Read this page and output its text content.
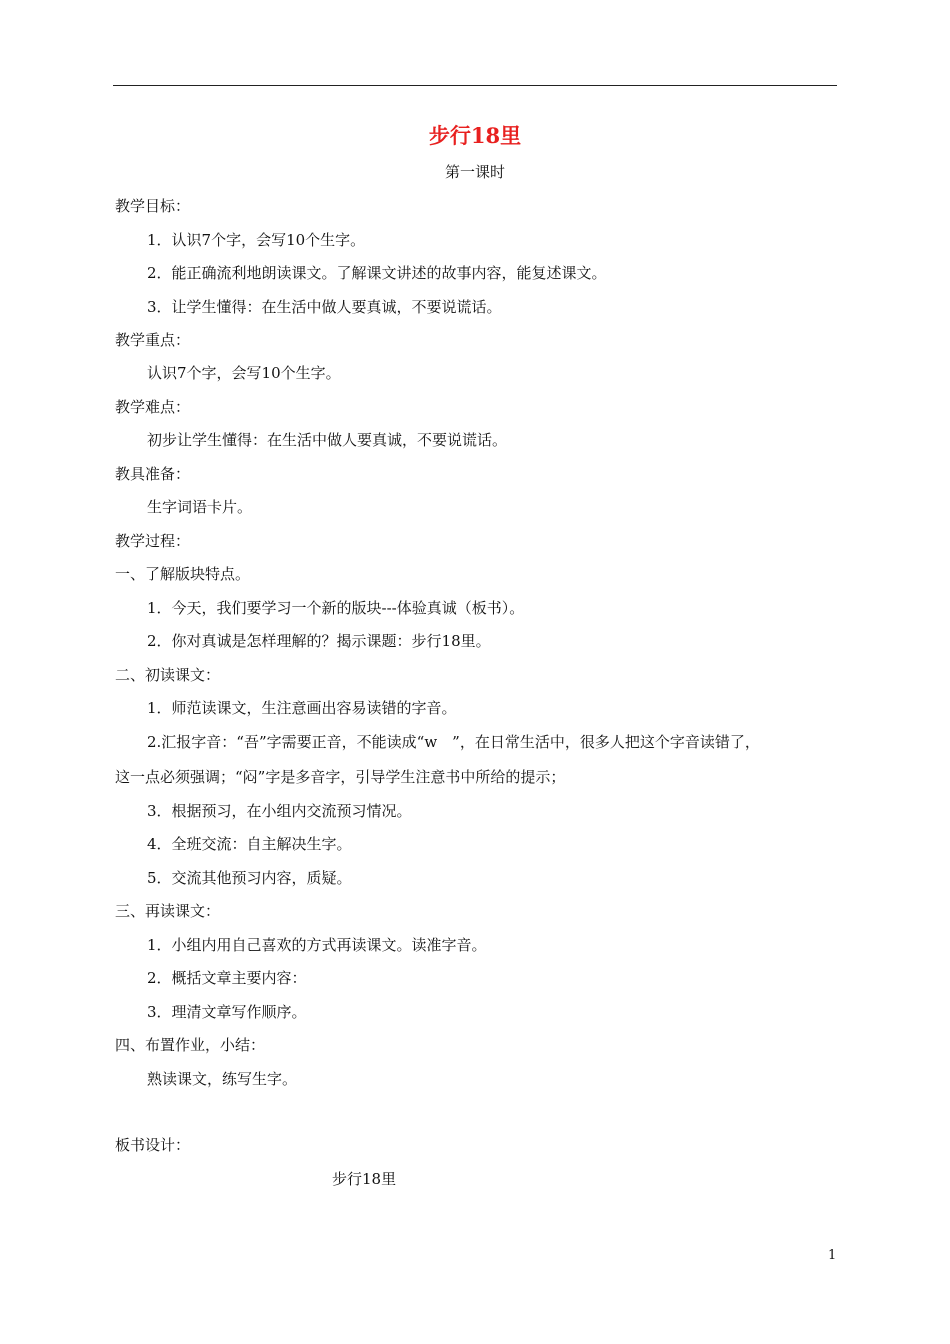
步行18里
第一课时
教学目标：
1．认识7个字，会写10个生字。
2．能正确流利地朗读课文。了解课文讲述的故事内容，能复述课文。
3．让学生懂得：在生活中做人要真诚，不要说谎话。
教学重点：
认识7个字，会写10个生字。
教学难点：
初步让学生懂得：在生活中做人要真诚，不要说谎话。
教具准备：
生字词语卡片。
教学过程：
一、了解版块特点。
1．今天，我们要学习一个新的版块---体验真诚（板书）。
2．你对真诚是怎样理解的？揭示课题：步行18里。
二、初读课文：
1．师范读课文，生注意画出容易读错的字音。
2.汇报字音：“吾”字需要正音，不能读成“w　”，在日常生活中，很多人把这个字音读错了，
这一点必须强调；“闷”字是多音字，引导学生注意书中所给的提示；
3．根据预习，在小组内交流预习情况。
4．全班交流：自主解决生字。
5．交流其他预习内容，质疑。
三、再读课文：
1．小组内用自己喜欢的方式再读课文。读准字音。
2．概括文章主要内容：
3．理清文章写作顺序。
四、布置作业，小结：
熟读课文，练写生字。
板书设计：
步行18里
1
